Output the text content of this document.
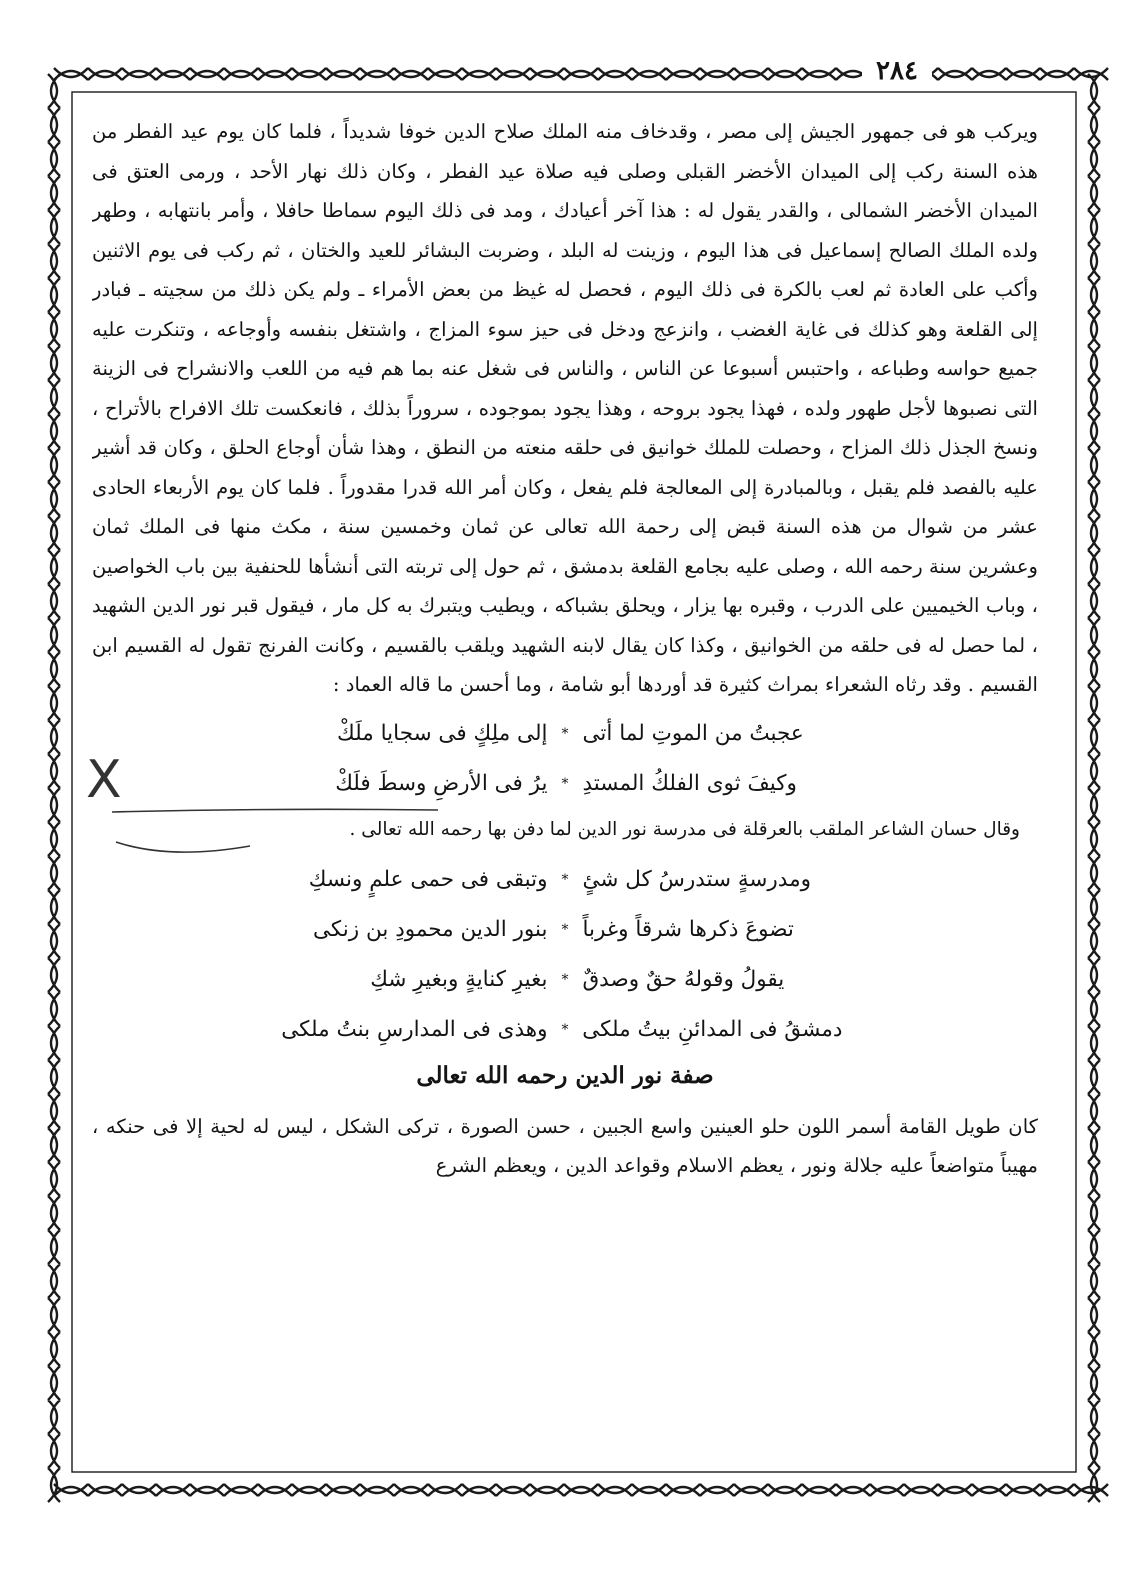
٢٨٤

ويركب هو فى جمهور الجيش إلى مصر ، وقدخاف منه الملك صلاح الدين خوفا شديداً ، فلما كان يوم عيد الفطر من هذه السنة ركب إلى الميدان الأخضر القبلى وصلى فيه صلاة عيد الفطر ، وكان ذلك نهار الأحد ، ورمى العتق فى الميدان الأخضر الشمالى ، والقدر يقول له : هذا آخر أعيادك ، ومد فى ذلك اليوم سماطا حافلا ، وأمر بانتهابه ، وطهر ولده الملك الصالح إسماعيل فى هذا اليوم ، وزينت له البلد ، وضربت البشائر للعيد والختان ، ثم ركب فى يوم الاثنين وأكب على العادة ثم لعب بالكرة فى ذلك اليوم ، فحصل له غيظ من بعض الأمراء ـ ولم يكن ذلك من سجيته ـ فبادر إلى القلعة وهو كذلك فى غاية الغضب ، وانزعج ودخل فى حيز سوء المزاج ، واشتغل بنفسه وأوجاعه ، وتنكرت عليه جميع حواسه وطباعه ، واحتبس أسبوعا عن الناس ، والناس فى شغل عنه بما هم فيه من اللعب والانشراح فى الزينة التى نصبوها لأجل طهور ولده ، فهذا يجود بروحه ، وهذا يجود بموجوده ، سروراً بذلك ، فانعكست تلك الافراح بالأتراح ، ونسخ الجذل ذلك المزاح ، وحصلت للملك خوانيق فى حلقه منعته من النطق ، وهذا شأن أوجاع الحلق ، وكان قد أشير عليه بالفصد فلم يقبل ، وبالمبادرة إلى المعالجة فلم يفعل ، وكان أمر الله قدرا مقدوراً . فلما كان يوم الأربعاء الحادى عشر من شوال من هذه السنة قبض إلى رحمة الله تعالى عن ثمان وخمسين سنة ، مكث منها فى الملك ثمان وعشرين سنة رحمه الله ، وصلى عليه بجامع القلعة بدمشق ، ثم حول إلى تربته التى أنشأها للحنفية بين باب الخواصين ، وباب الخيميين على الدرب ، وقبره بها يزار ، ويحلق بشباكه ، ويطيب ويتبرك به كل مار ، فيقول قبر نور الدين الشهيد ، لما حصل له فى حلقه من الخوانيق ، وكذا كان يقال لابنه الشهيد ويلقب بالقسيم ، وكانت الفرنج تقول له القسيم ابن القسيم . وقد رثاه الشعراء بمراث كثيرة قد أوردها أبو شامة ، وما أحسن ما قاله العماد :

عجبتُ من الموتِ لما أتى
*
إلى ملِكٍ فى سجايا ملَكْ
وكيفَ ثوى الفلكُ المستدِ
*
يرُ فى الأرضِ وسطَ فلَكْ

وقال حسان الشاعر الملقب بالعرقلة فى مدرسة نور الدين لما دفن بها رحمه الله تعالى .

ومدرسةٍ ستدرسُ كل شئٍ
*
وتبقى فى حمى علمٍ ونسكِ
تضوعَ ذكرها شرقاً وغرباً
*
بنور الدين محمودِ بن زنكى
يقولُ وقولهُ حقٌ وصدقٌ
*
بغيرِ كنايةٍ وبغيرِ شكِ
دمشقُ فى المدائنِ بيتُ ملكى
*
وهذى فى المدارسِ بنتُ ملكى

صفة نور الدين رحمه الله تعالى

كان طويل القامة أسمر اللون حلو العينين واسع الجبين ، حسن الصورة ، تركى الشكل ، ليس له لحية إلا فى حنكه ، مهيباً متواضعاً عليه جلالة ونور ، يعظم الاسلام وقواعد الدين ، ويعظم الشرع

X
